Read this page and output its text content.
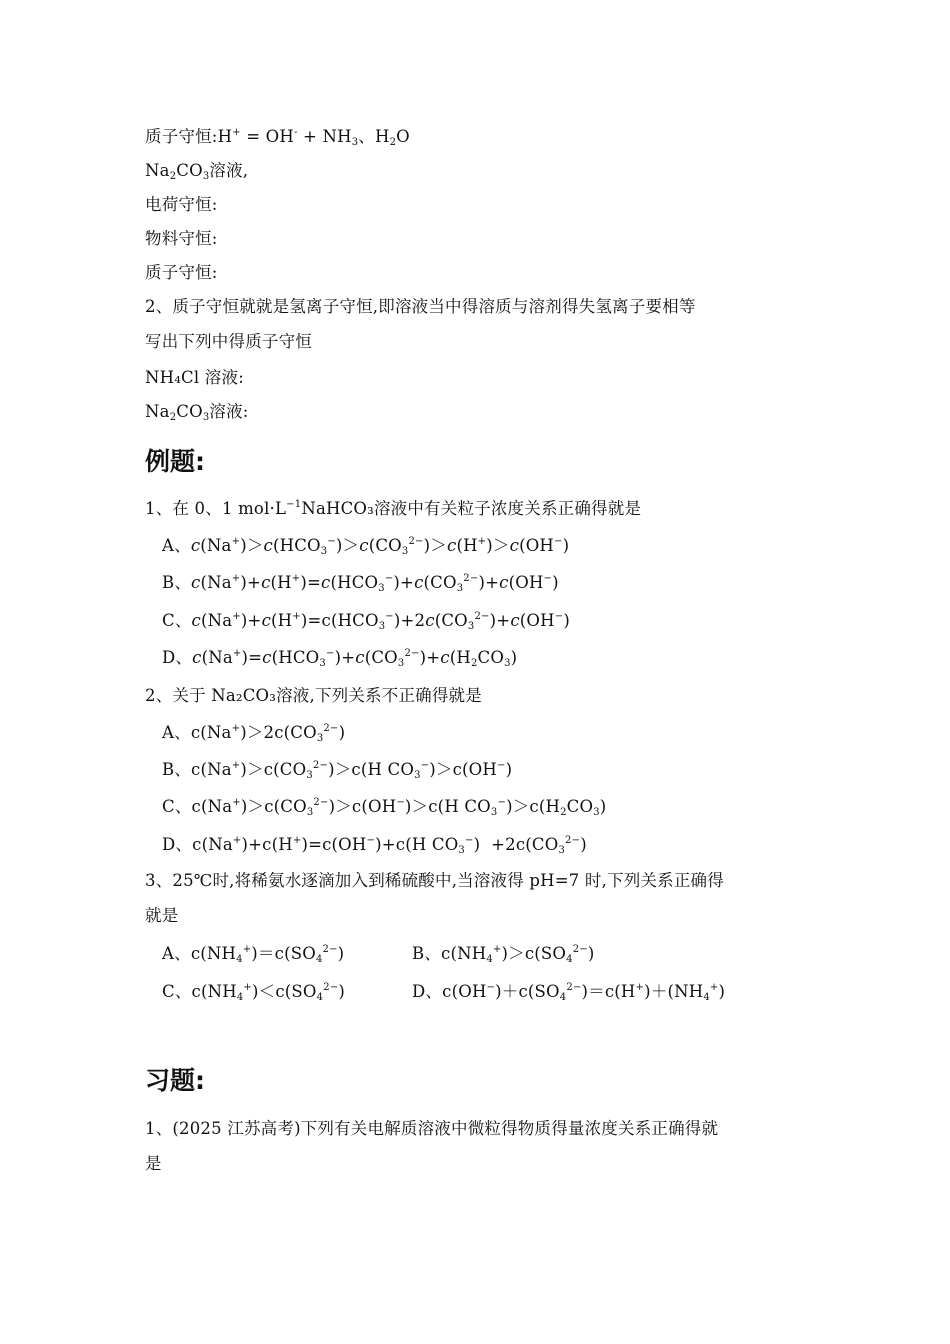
质子守恒:H+ = $OH^- + NH_3$、$H_2O$
$Na_2CO_3$溶液,
电荷守恒:
物料守恒:
质子守恒:
2、质子守恒就就是氢离子守恒,即溶液当中得溶质与溶剂得失氢离子要相等
写出下列中得质子守恒
NH₄Cl 溶液:
$Na_2CO_3$溶液:
例题:
1、在 0、1 $mol\cdot L^{-1}NaHCO_3$溶液中有关粒子浓度关系正确得就是
A、$c(Na^+)>c(HCO_3^-)>c(CO_3^{2-})>c(H^+)>c(OH^-)$
B、$c(Na^+)+c(H^+)=c(HCO_3^-)+c(CO_3^{2-})+c(OH^-)$
C、$c(Na^+)+c(H^+)=c(HCO_3^-)+2c(CO_3^{2-})+c(OH^-)$
D、$c(Na^+)=c(HCO_3^-)+c(CO_3^{2-})+c(H_2CO_3)$
2、关于 Na₂CO₃溶液,下列关系不正确得就是
A、$c(Na^+)>2c(CO_3^{2-})$
B、$c(Na^+)>c(CO_3^{2-})>c(H$ $CO_3^-)>c(OH^-)$
C、$c(Na^+)>c(CO_3^{2-})>c(OH^-)>c(H$ $CO_3^-)>c(H_2CO_3)$
D、c(Na+)+c(H+)=c(OH−)+c(H $CO_3^-) +2c(CO_3^{2-})$
3、25℃时,将稀氨水逐滴加入到稀硫酸中,当溶液得 pH=7 时,下列关系正确得
就是
A、$c(NH_4^+)=c(SO_4^{2-})$	B、$c(NH_4^+)>c(SO_4^{2-})$
C、$c(NH_4^+)<c(SO_4^{2-})$	D、$c(OH^-)+c(SO_4^{2-})=c(H^+)+(NH_4^+)$
习题:
1、(2025 江苏高考)下列有关电解质溶液中微粒得物质得量浓度关系正确得就
是
